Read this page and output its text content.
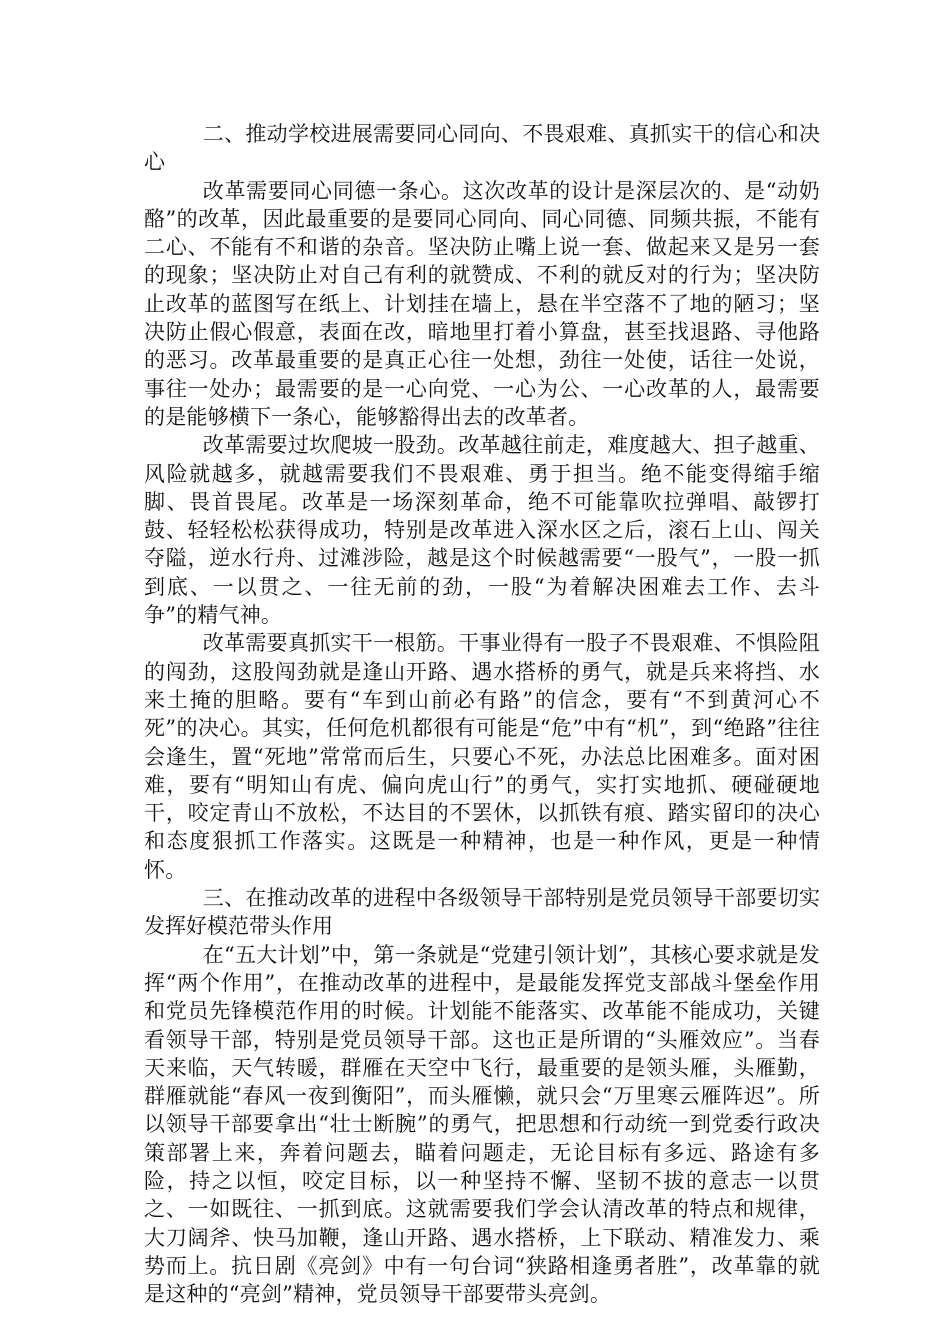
二、推动学校进展需要同心同向、不畏艰难、真抓实干的信心和决心

改革需要同心同德一条心。这次改革的设计是深层次的、是“动奶酪”的改革，因此最重要的是要同心同向、同心同德、同频共振，不能有二心、不能有不和谐的杂音。坚决防止嘴上说一套、做起来又是另一套的现象；坚决防止对自己有利的就赞成、不利的就反对的行为；坚决防止改革的蓝图写在纸上、计划挂在墙上，悬在半空落不了地的陋习；坚决防止假心假意，表面在改，暗地里打着小算盘，甚至找退路、寻他路的恶习。改革最重要的是真正心往一处想，劲往一处使，话往一处说，事往一处办；最需要的是一心向党、一心为公、一心改革的人，最需要的是能够横下一条心，能够豁得出去的改革者。

改革需要过坎爬坡一股劲。改革越往前走，难度越大、担子越重、风险就越多，就越需要我们不畏艰难、勇于担当。绝不能变得缩手缩脚、畏首畏尾。改革是一场深刻革命，绝不可能靠吹拉弹唱、敲锣打鼓、轻轻松松获得成功，特别是改革进入深水区之后，滚石上山、闯关夺隘，逆水行舟、过滩涉险，越是这个时候越需要“一股气”，一股一抓到底、一以贯之、一往无前的劲，一股“为着解决困难去工作、去斗争”的精气神。

改革需要真抓实干一根筋。干事业得有一股子不畏艰难、不惧险阻的闯劲，这股闯劲就是逢山开路、遇水搭桥的勇气，就是兵来将挡、水来土掩的胆略。要有“车到山前必有路”的信念，要有“不到黄河心不死”的决心。其实，任何危机都很有可能是“危”中有“机”，到“绝路”往往会逢生，置“死地”常常而后生，只要心不死，办法总比困难多。面对困难，要有“明知山有虎、偏向虎山行”的勇气，实打实地抓、硬碰硬地干，咬定青山不放松，不达目的不罢休，以抓铁有痕、踏实留印的决心和态度狠抓工作落实。这既是一种精神，也是一种作风，更是一种情怀。

三、在推动改革的进程中各级领导干部特别是党员领导干部要切实发挥好模范带头作用

在“五大计划”中，第一条就是“党建引领计划”，其核心要求就是发挥“两个作用”，在推动改革的进程中，是最能发挥党支部战斗堡垒作用和党员先锋模范作用的时候。计划能不能落实、改革能不能成功，关键看领导干部，特别是党员领导干部。这也正是所谓的“头雁效应”。当春天来临，天气转暖，群雁在天空中飞行，最重要的是领头雁，头雁勤，群雁就能“春风一夜到衡阳”，而头雁懒，就只会“万里寒云雁阵迟”。所以领导干部要拿出“壮士断腕”的勇气，把思想和行动统一到党委行政决策部署上来，奔着问题去，瞄着问题走，无论目标有多远、路途有多险，持之以恒，咬定目标，以一种坚持不懈、坚韧不拔的意志一以贯之、一如既往、一抓到底。这就需要我们学会认清改革的特点和规律，大刀阔斧、快马加鞭，逢山开路、遇水搭桥，上下联动、精准发力、乘势而上。抗日剧《亮剑》中有一句台词“狭路相逢勇者胜”，改革靠的就是这种的“亮剑”精神，党员领导干部要带头亮剑。
